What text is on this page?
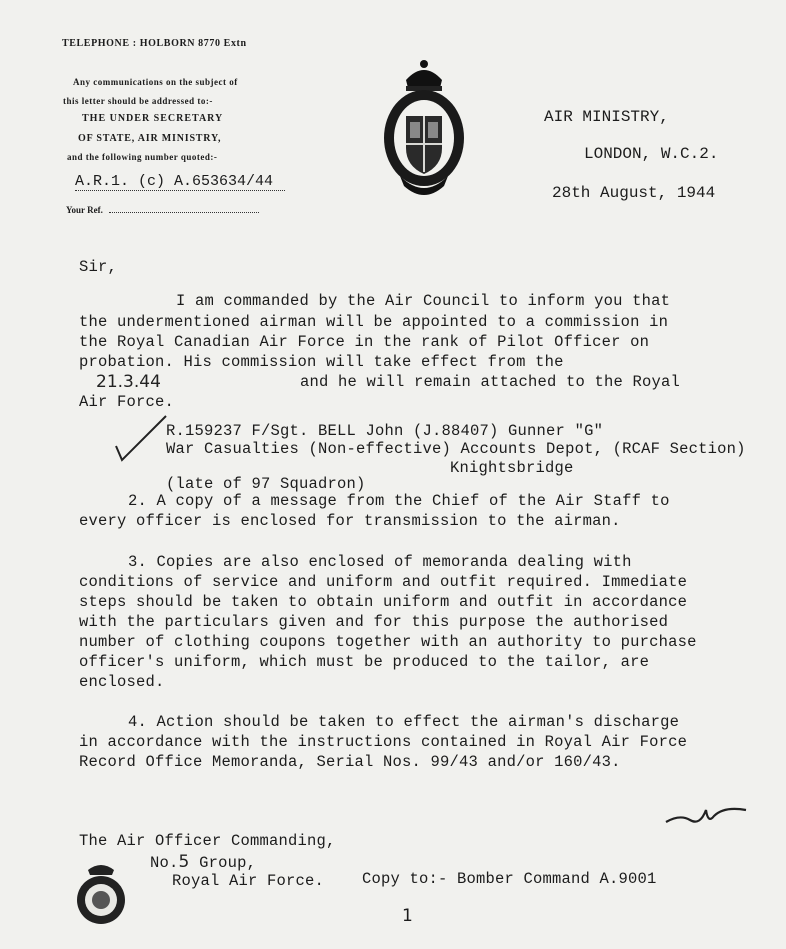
TELEPHONE : HOLBORN 8770 Extn
Any communications on the subject of
this letter should be addressed to:-
THE UNDER SECRETARY
OF STATE, AIR MINISTRY,
and the following number quoted:-
A.R.1. (c) A.653634/44
Your Ref.
AIR MINISTRY,
LONDON, W.C.2.
28th August, 1944
Sir,
I am commanded by the Air Council to inform you that
the undermentioned airman will be appointed to a commission in
the Royal Canadian Air Force in the rank of Pilot Officer on
probation. His commission will take effect from the
21.3.44	and he will remain attached to the Royal
Air Force.
R.159237 F/Sgt. BELL John (J.88407) Gunner "G"
War Casualties (Non-effective) Accounts Depot, (RCAF Section)
Knightsbridge
(late of 97 Squadron)
2. A copy of a message from the Chief of the Air Staff to
every officer is enclosed for transmission to the airman.
3. Copies are also enclosed of memoranda dealing with
conditions of service and uniform and outfit required. Immediate
steps should be taken to obtain uniform and outfit in accordance
with the particulars given and for this purpose the authorised
number of clothing coupons together with an authority to purchase
officer's uniform, which must be produced to the tailor, are
enclosed.
4. Action should be taken to effect the airman's discharge
in accordance with the instructions contained in Royal Air Force
Record Office Memoranda, Serial Nos. 99/43 and/or 160/43.
The Air Officer Commanding,
No.5 Group,
Royal Air Force. Copy to:- Bomber Command A.9001
1
